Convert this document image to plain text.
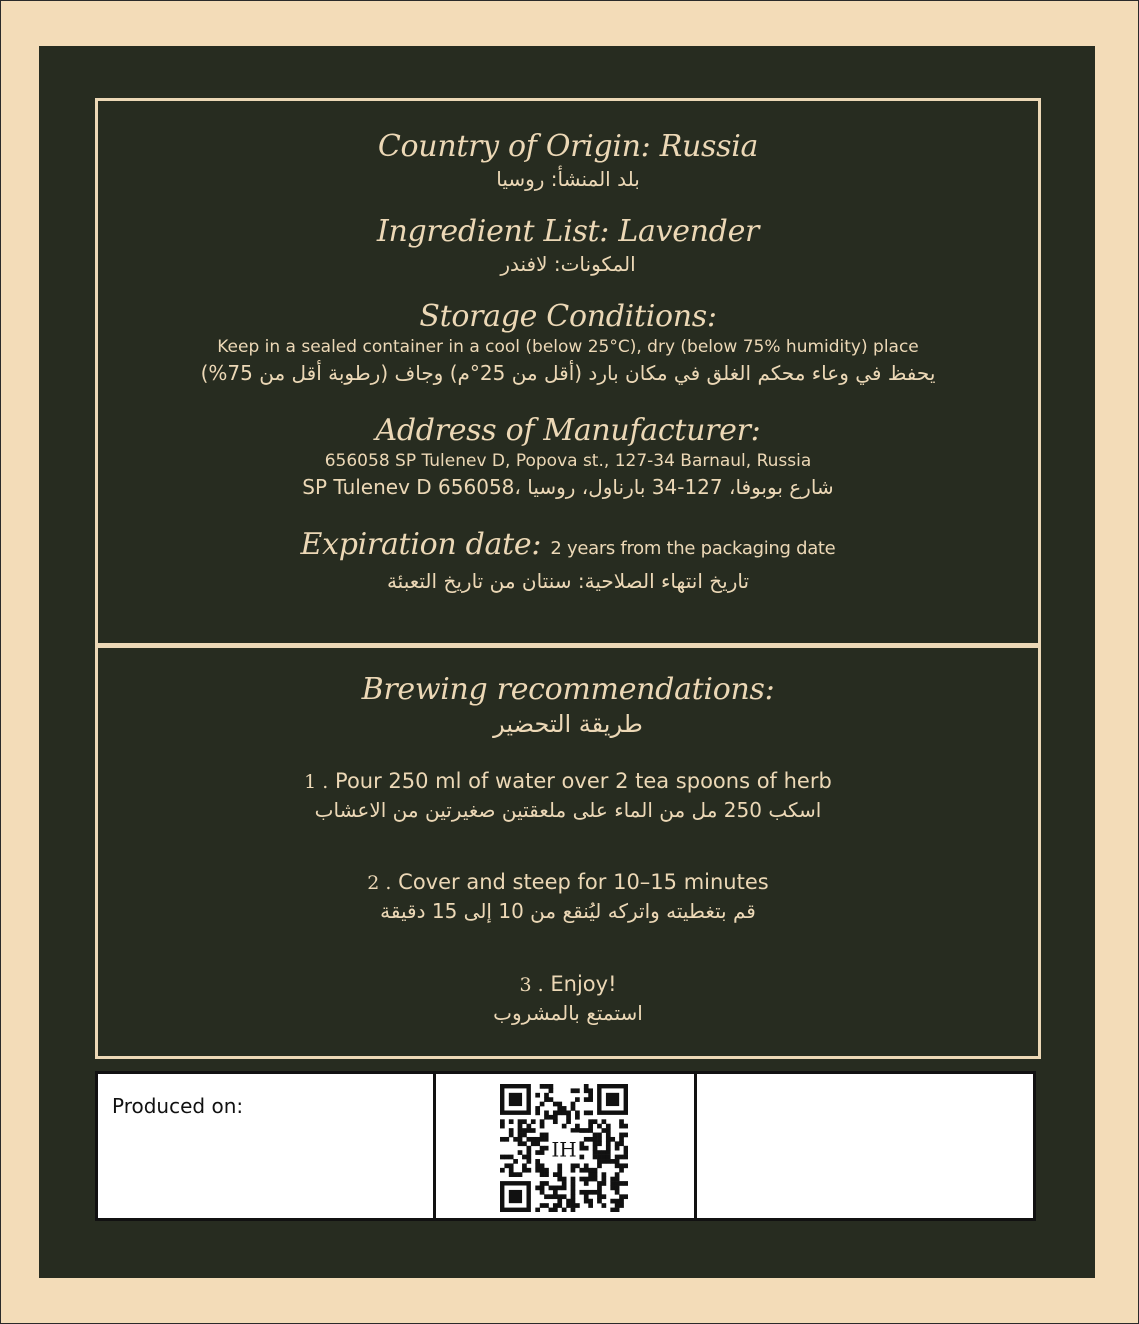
Country of Origin: Russia
بلد المنشأ: روسيا
Ingredient List: Lavender
المكونات: لافندر
Storage Conditions:
Keep in a sealed container in a cool (below 25°C), dry (below 75% humidity) place
يحفظ في وعاء محكم الغلق في مكان بارد (أقل من 25°م) وجاف (رطوبة أقل من 75%)
Address of Manufacturer:
656058 SP Tulenev D, Popova st., 127-34 Barnaul, Russia
شارع بوبوفا، 127-34 بارناول، روسيا ،656058 SP Tulenev D
Expiration date: 2 years from the packaging date
تاريخ انتهاء الصلاحية: سنتان من تاريخ التعبئة
Brewing recommendations:
طريقة التحضير
1 . Pour 250 ml of water over 2 tea spoons of herb
اسكب 250 مل من الماء على ملعقتين صغيرتين من الاعشاب
2 . Cover and steep for 10–15 minutes
قم بتغطيته واتركه ليُنقع من 10 إلى 15 دقيقة
3 . Enjoy!
استمتع بالمشروب
Produced on:
IH
